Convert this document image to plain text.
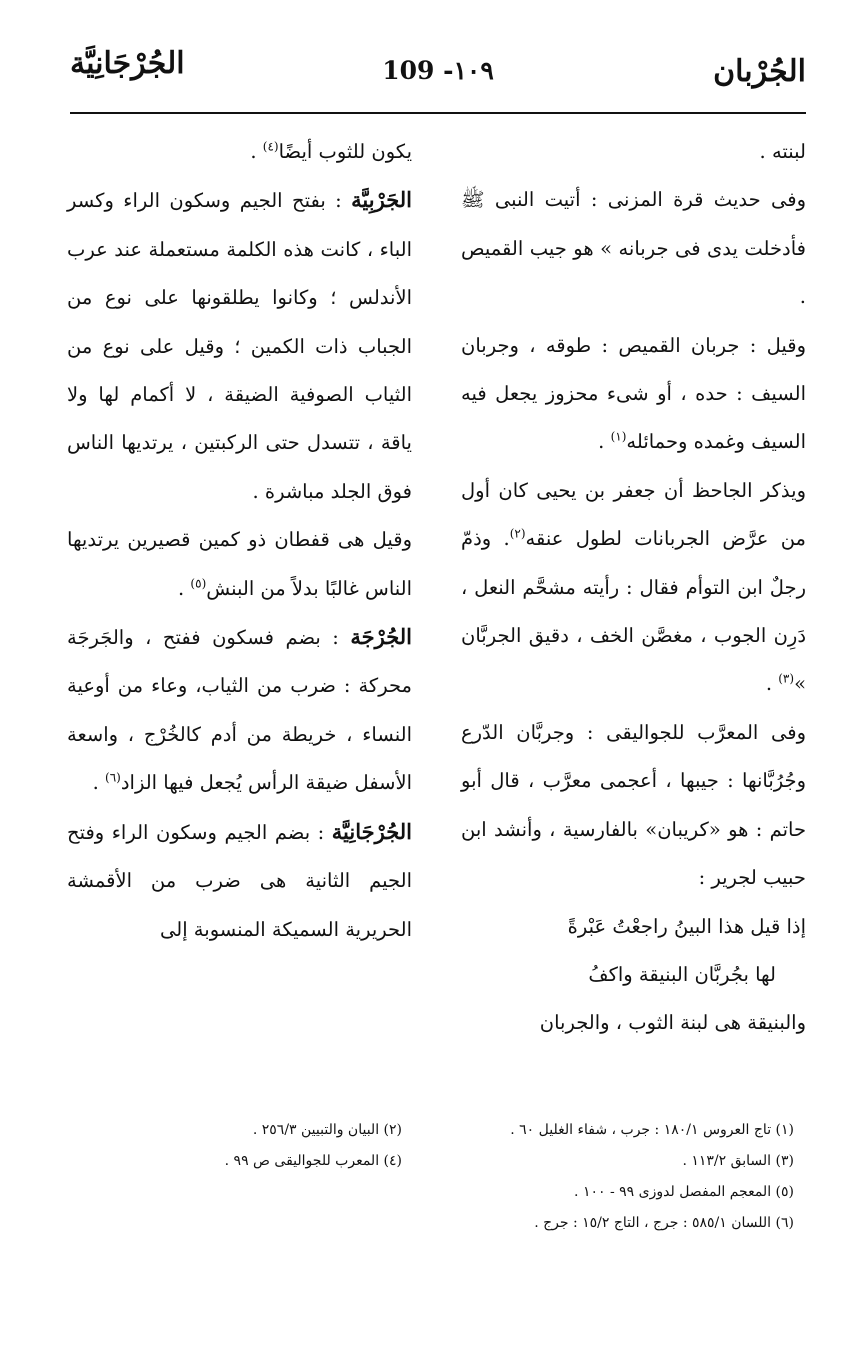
الجُرْبان
109 -١٠٩
الجُرْجَانِيَّة

لبنته .

وفى حديث قرة المزنى : أتيت النبى ﷺ فأدخلت يدى فى جربانه » هو جيب القميص .

وقيل : جربان القميص : طوقه ، وجربان السيف : حده ، أو شىء محزوز يجعل فيه السيف وغمده وحمائله$^{(١)}$ .

ويذكر الجاحظ أن جعفر بن يحيى كان أول من عرَّض الجربانات لطول عنقه$^{(٢)}$. وذمّ رجلٌ ابن التوأم فقال : رأيته مشحَّم النعل ، دَرِن الجوب ، مغصَّن الخف ، دقيق الجربَّان »$^{(٣)}$ .

وفى المعرَّب للجواليقى : وجربَّان الدّرع وجُرُبَّانها : جيبها ، أعجمى معرَّب ، قال أبو حاتم : هو «كريبان» بالفارسية ، وأنشد ابن حبيب لجرير :

إذا قيل هذا البينُ راجعْتُ عَبْرةً

لها بجُربَّان البنيقة واكفُ

والبنيقة هى لبنة الثوب ، والجربان

يكون للثوب أيضًا$^{(٤)}$ .

الجَرْبِيَّة : بفتح الجيم وسكون الراء وكسر الباء ، كانت هذه الكلمة مستعملة عند عرب الأندلس ؛ وكانوا يطلقونها على نوع من الجباب ذات الكمين ؛ وقيل على نوع من الثياب الصوفية الضيقة ، لا أكمام لها ولا ياقة ، تتسدل حتى الركبتين ، يرتديها الناس فوق الجلد مباشرة .

وقيل هى قفطان ذو كمين قصيرين يرتديها الناس غالبًا بدلاً من البنش$^{(٥)}$ .

الجُرْجَة : بضم فسكون ففتح ، والجَرجَة محركة : ضرب من الثياب، وعاء من أوعية النساء ، خريطة من أدم كالخُرْج ، واسعة الأسفل ضيقة الرأس يُجعل فيها الزاد$^{(٦)}$ .

الجُرْجَانِيَّة : بضم الجيم وسكون الراء وفتح الجيم الثانية هى ضرب من الأقمشة الحريرية السميكة المنسوبة إلى

(١) تاج العروس ١٨٠/١ : جرب ، شفاء الغليل ٦٠ .
(٣) السابق ١١٣/٢ .
(٥) المعجم المفصل لدوزى ٩٩ - ١٠٠ .
(٦) اللسان ٥٨٥/١ : جرج ، التاج ١٥/٢ : جرج .
(٢) البيان والتبيين ٢٥٦/٣ .
(٤) المعرب للجواليقى ص ٩٩ .
